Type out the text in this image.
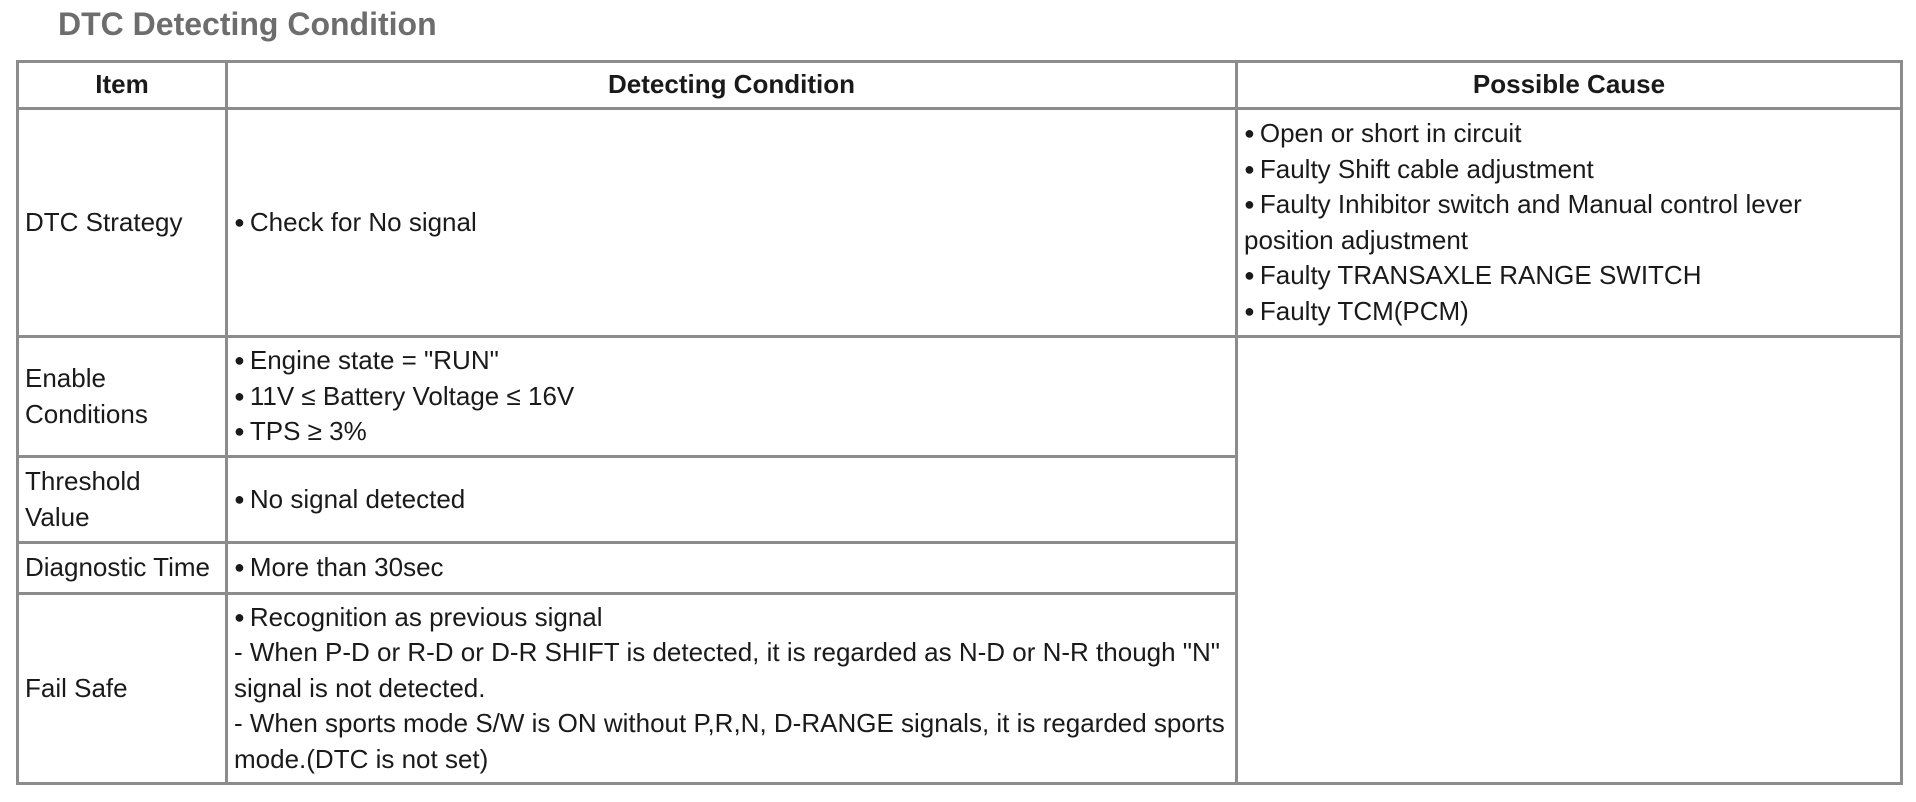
DTC Detecting Condition
Item	Detecting Condition	Possible Cause

DTC Strategy	● Check for No signal	● Open or short in circuit
● Faulty Shift cable adjustment
● Faulty Inhibitor switch and Manual control lever position adjustment
● Faulty TRANSAXLE RANGE SWITCH
● Faulty TCM(PCM)

Enable
Conditions	● Engine state = "RUN"
● 11V ≤ Battery Voltage ≤ 16V
● TPS ≥ 3%

Threshold
Value	● No signal detected

Diagnostic Time	● More than 30sec

Fail Safe	● Recognition as previous signal
- When P-D or R-D or D-R SHIFT is detected, it is regarded as N-D or N-R though "N" signal is not detected.
- When sports mode S/W is ON without P,R,N, D-RANGE signals, it is regarded sports mode.(DTC is not set)
